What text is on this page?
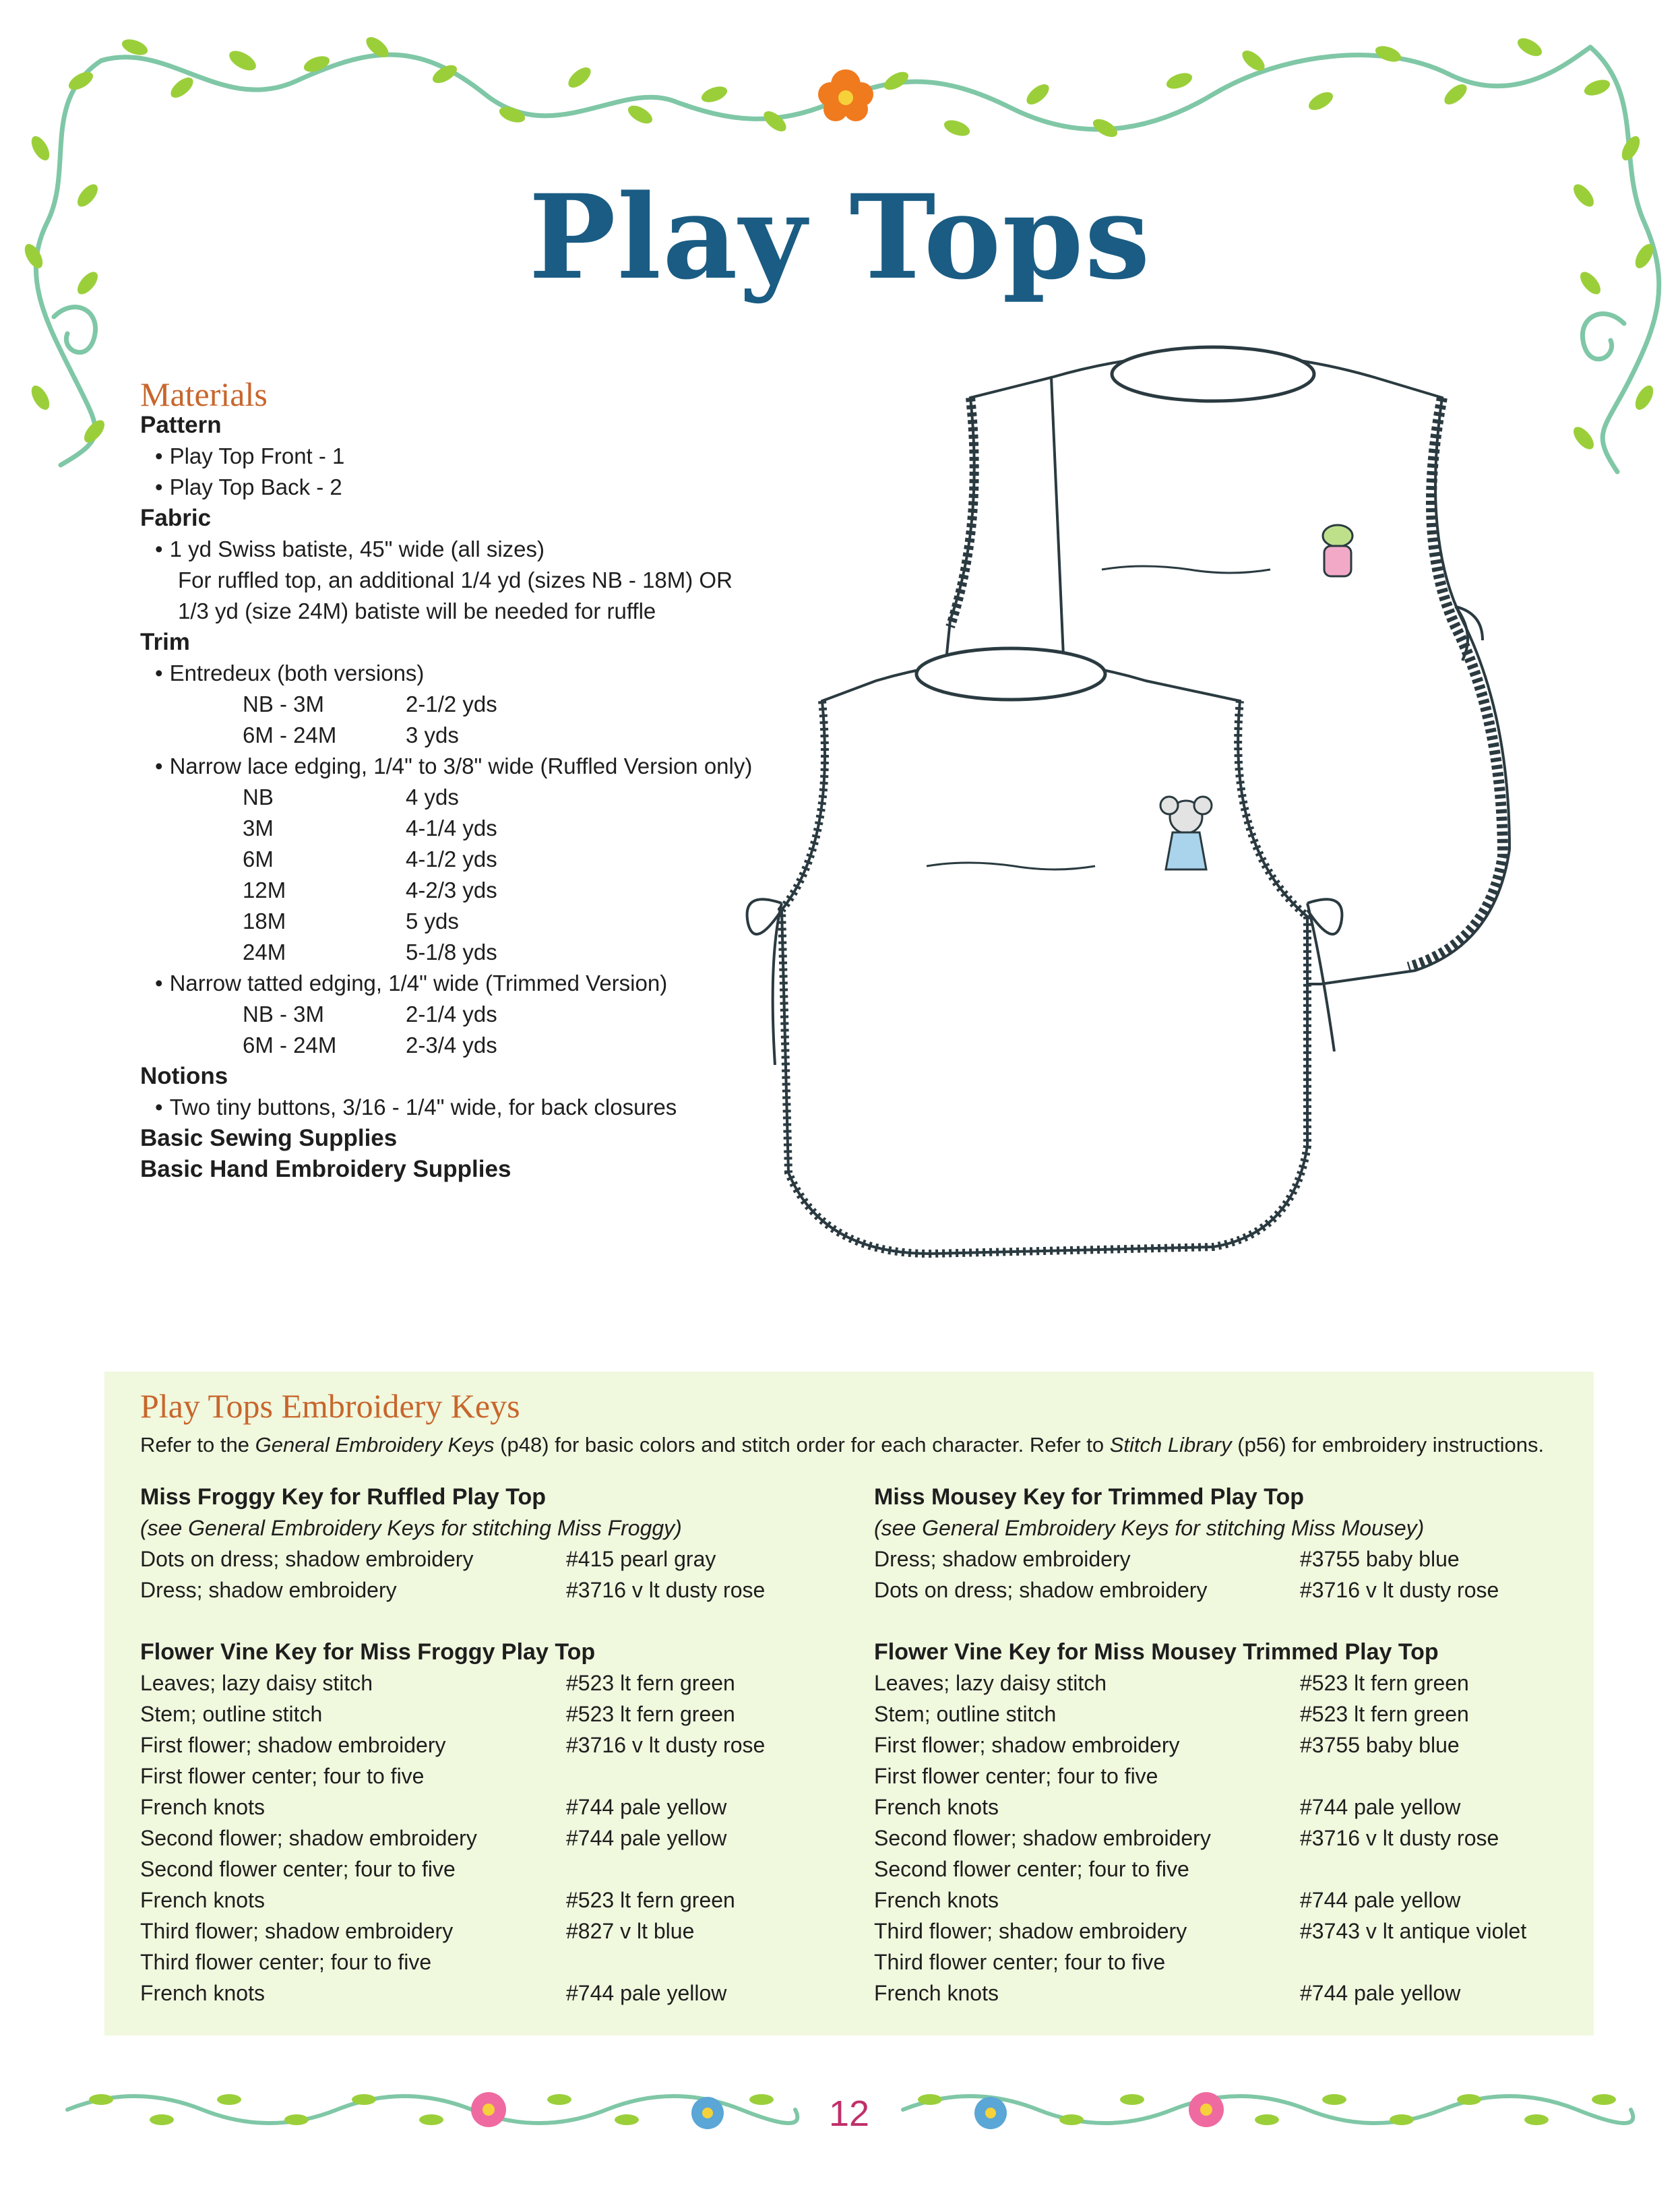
Play Tops
Materials
Pattern
• Play Top Front - 1
• Play Top Back - 2
Fabric
• 1 yd Swiss batiste, 45" wide (all sizes)
For ruffled top, an additional 1/4 yd (sizes NB - 18M) OR
1/3 yd (size 24M) batiste will be needed for ruffle
Trim
• Entredeux (both versions)
NB - 3M	2-1/2 yds
6M - 24M	3 yds
• Narrow lace edging, 1/4" to 3/8" wide (Ruffled Version only)
NB	4 yds
3M	4-1/4 yds
6M	4-1/2 yds
12M	4-2/3 yds
18M	5 yds
24M	5-1/8 yds
• Narrow tatted edging, 1/4" wide (Trimmed Version)
NB - 3M	2-1/4 yds
6M - 24M	2-3/4 yds
Notions
• Two tiny buttons, 3/16 - 1/4" wide, for back closures
Basic Sewing Supplies
Basic Hand Embroidery Supplies
Play Tops Embroidery Keys
Refer to the General Embroidery Keys (p48) for basic colors and stitch order for each character. Refer to Stitch Library (p56) for embroidery instructions.
Miss Froggy Key for Ruffled Play Top
(see General Embroidery Keys for stitching Miss Froggy)
Dots on dress; shadow embroidery	#415 pearl gray
Dress; shadow embroidery	#3716 v lt dusty rose
Flower Vine Key for Miss Froggy Play Top
Leaves; lazy daisy stitch	#523 lt fern green
Stem; outline stitch	#523 lt fern green
First flower; shadow embroidery	#3716 v lt dusty rose
First flower center; four to five
French knots	#744 pale yellow
Second flower; shadow embroidery	#744 pale yellow
Second flower center; four to five
French knots	#523 lt fern green
Third flower; shadow embroidery	#827 v lt blue
Third flower center; four to five
French knots	#744 pale yellow
Miss Mousey Key for Trimmed Play Top
(see General Embroidery Keys for stitching Miss Mousey)
Dress; shadow embroidery	#3755 baby blue
Dots on dress; shadow embroidery	#3716 v lt dusty rose
Flower Vine Key for Miss Mousey Trimmed Play Top
Leaves; lazy daisy stitch	#523 lt fern green
Stem; outline stitch	#523 lt fern green
First flower; shadow embroidery	#3755 baby blue
First flower center; four to five
French knots	#744 pale yellow
Second flower; shadow embroidery	#3716 v lt dusty rose
Second flower center; four to five
French knots	#744 pale yellow
Third flower; shadow embroidery	#3743 v lt antique violet
Third flower center; four to five
French knots	#744 pale yellow
12
